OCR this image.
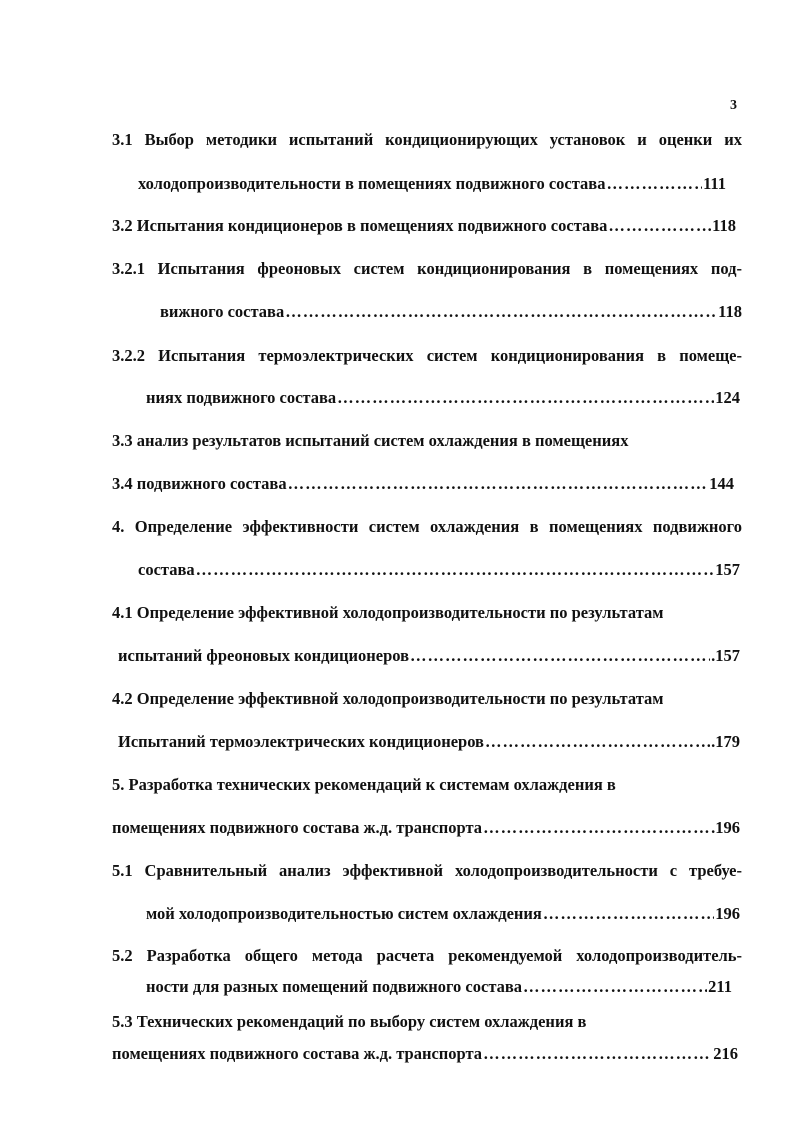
3
3.1 Выбор методики испытаний кондиционирующих установок и оценки их
холодопроизводительности в помещениях подвижного состава ………………………………………………………………………………………………………………………………………………	111
3.2 Испытания кондиционеров в помещениях подвижного состава ………………………………………………………………………………………………………………………………………………	118
3.2.1 Испытания фреоновых систем кондиционирования в помещениях под-
вижного состава ………………………………………………………………………………………………………………………………………………	118
3.2.2 Испытания термоэлектрических систем кондиционирования в помеще-
ниях подвижного состава ………………………………………………………………………………………………………………………………………………	124
3.3 анализ результатов испытаний систем охлаждения в помещениях
3.4 подвижного состава ………………………………………………………………………………………………………………………………………………	144
4. Определение эффективности систем охлаждения в помещениях подвижного
состава ………………………………………………………………………………………………………………………………………………	157
4.1 Определение эффективной холодопроизводительности по результатам
испытаний фреоновых кондиционеров ………………………………………………………………………………………………………………………………………………	.157
4.2 Определение эффективной холодопроизводительности по результатам
Испытаний термоэлектрических кондиционеров ………………………………………………………………………………………………………………………………………………	.179
5. Разработка технических рекомендаций к системам охлаждения в
помещениях подвижного состава ж.д. транспорта ………………………………………………………………………………………………………………………………………………	.196
5.1 Сравнительный анализ эффективной холодопроизводительности с требуе-
мой холодопроизводительностью систем охлаждения ………………………………………………………………………………………………………………………………………………	196
5.2 Разработка общего метода расчета рекомендуемой холодопроизводитель-
ности для разных помещений подвижного состава ………………………………………………………………………………………………………………………………………………	211
5.3 Технических рекомендаций по выбору систем охлаждения в
помещениях подвижного состава ж.д. транспорта ………………………………………………………………………………………………………………………………………………	216
